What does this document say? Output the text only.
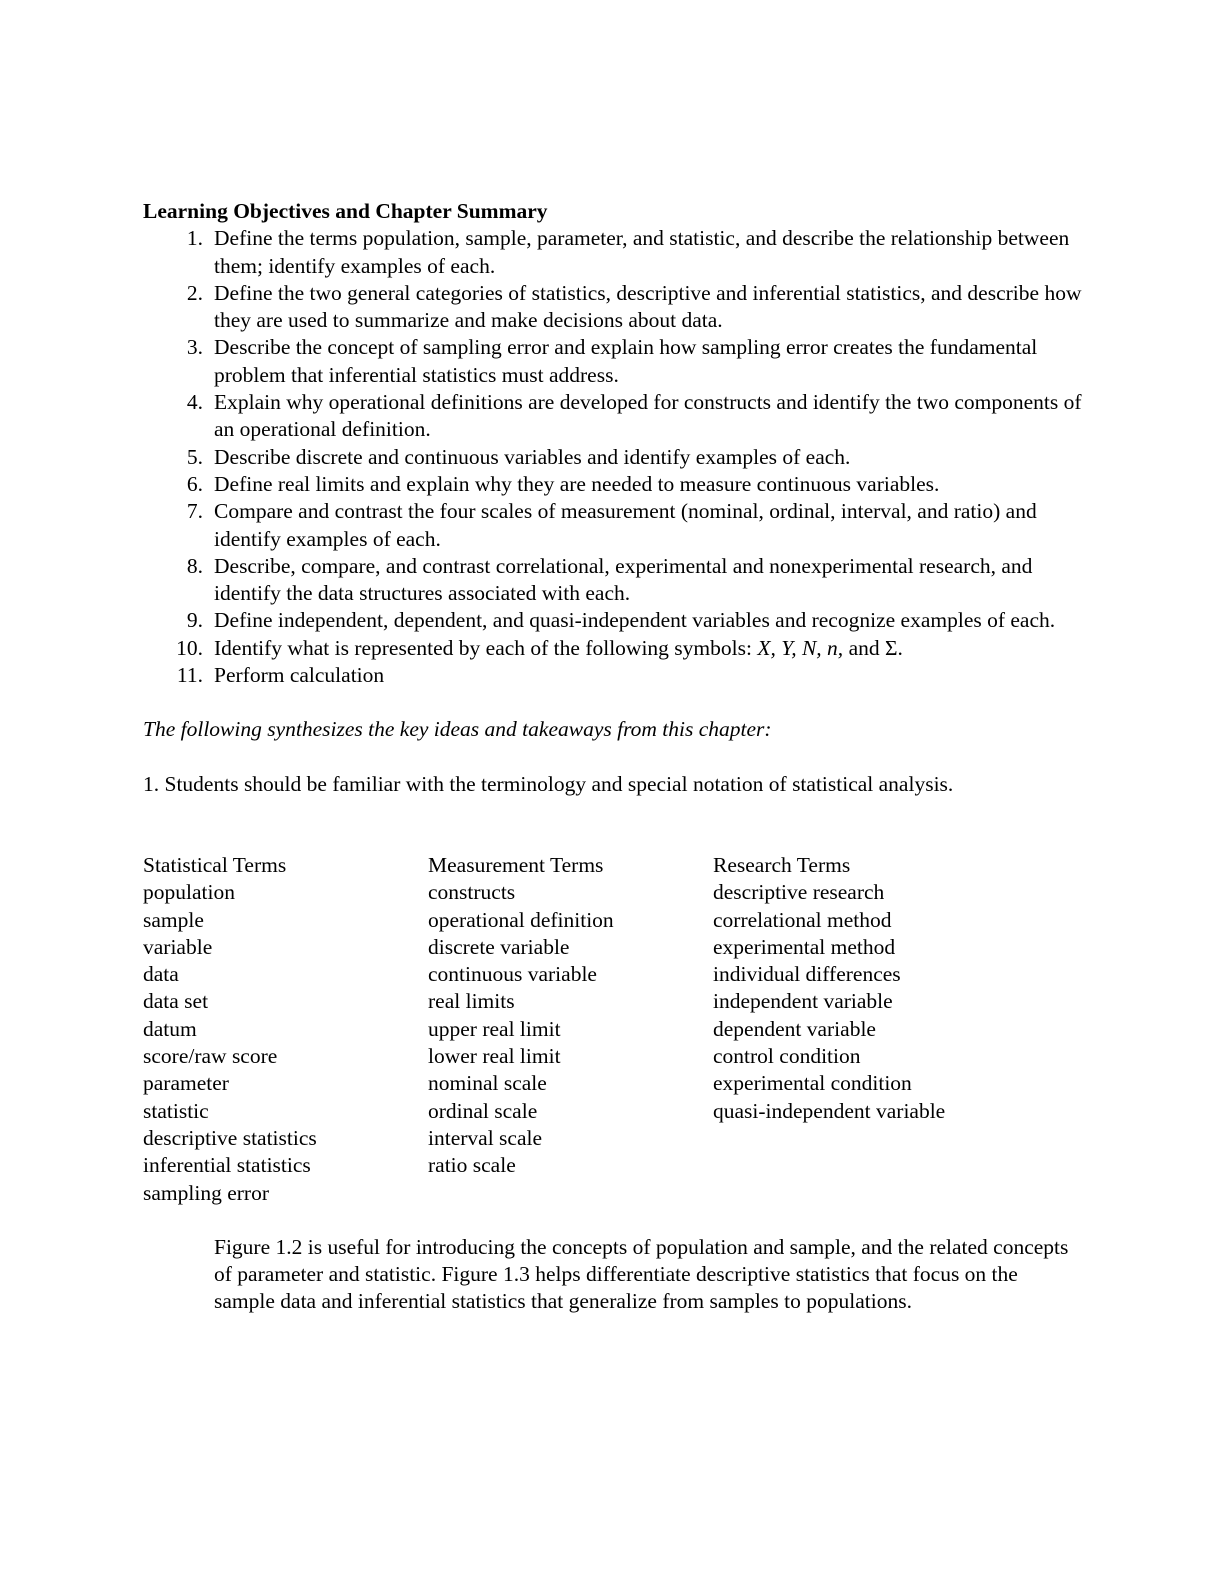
Learning Objectives and Chapter Summary

1. Define the terms population, sample, parameter, and statistic, and describe the relationship between them; identify examples of each.
2. Define the two general categories of statistics, descriptive and inferential statistics, and describe how they are used to summarize and make decisions about data.
3. Describe the concept of sampling error and explain how sampling error creates the fundamental problem that inferential statistics must address.
4. Explain why operational definitions are developed for constructs and identify the two components of an operational definition.
5. Describe discrete and continuous variables and identify examples of each.
6. Define real limits and explain why they are needed to measure continuous variables.
7. Compare and contrast the four scales of measurement (nominal, ordinal, interval, and ratio) and identify examples of each.
8. Describe, compare, and contrast correlational, experimental and nonexperimental research, and identify the data structures associated with each.
9. Define independent, dependent, and quasi-independent variables and recognize examples of each.
10. Identify what is represented by each of the following symbols: X, Y, N, n, and Σ.
11. Perform calculation

The following synthesizes the key ideas and takeaways from this chapter:

1. Students should be familiar with the terminology and special notation of statistical analysis.

Statistical Terms
population
sample
variable
data
data set
datum
score/raw score
parameter
statistic
descriptive statistics
inferential statistics
sampling error
Measurement Terms
constructs
operational definition
discrete variable
continuous variable
real limits
upper real limit
lower real limit
nominal scale
ordinal scale
interval scale
ratio scale
Research Terms
descriptive research
correlational method
experimental method
individual differences
independent variable
dependent variable
control condition
experimental condition
quasi-independent variable

Figure 1.2 is useful for introducing the concepts of population and sample, and the related concepts of parameter and statistic. Figure 1.3 helps differentiate descriptive statistics that focus on the sample data and inferential statistics that generalize from samples to populations.
